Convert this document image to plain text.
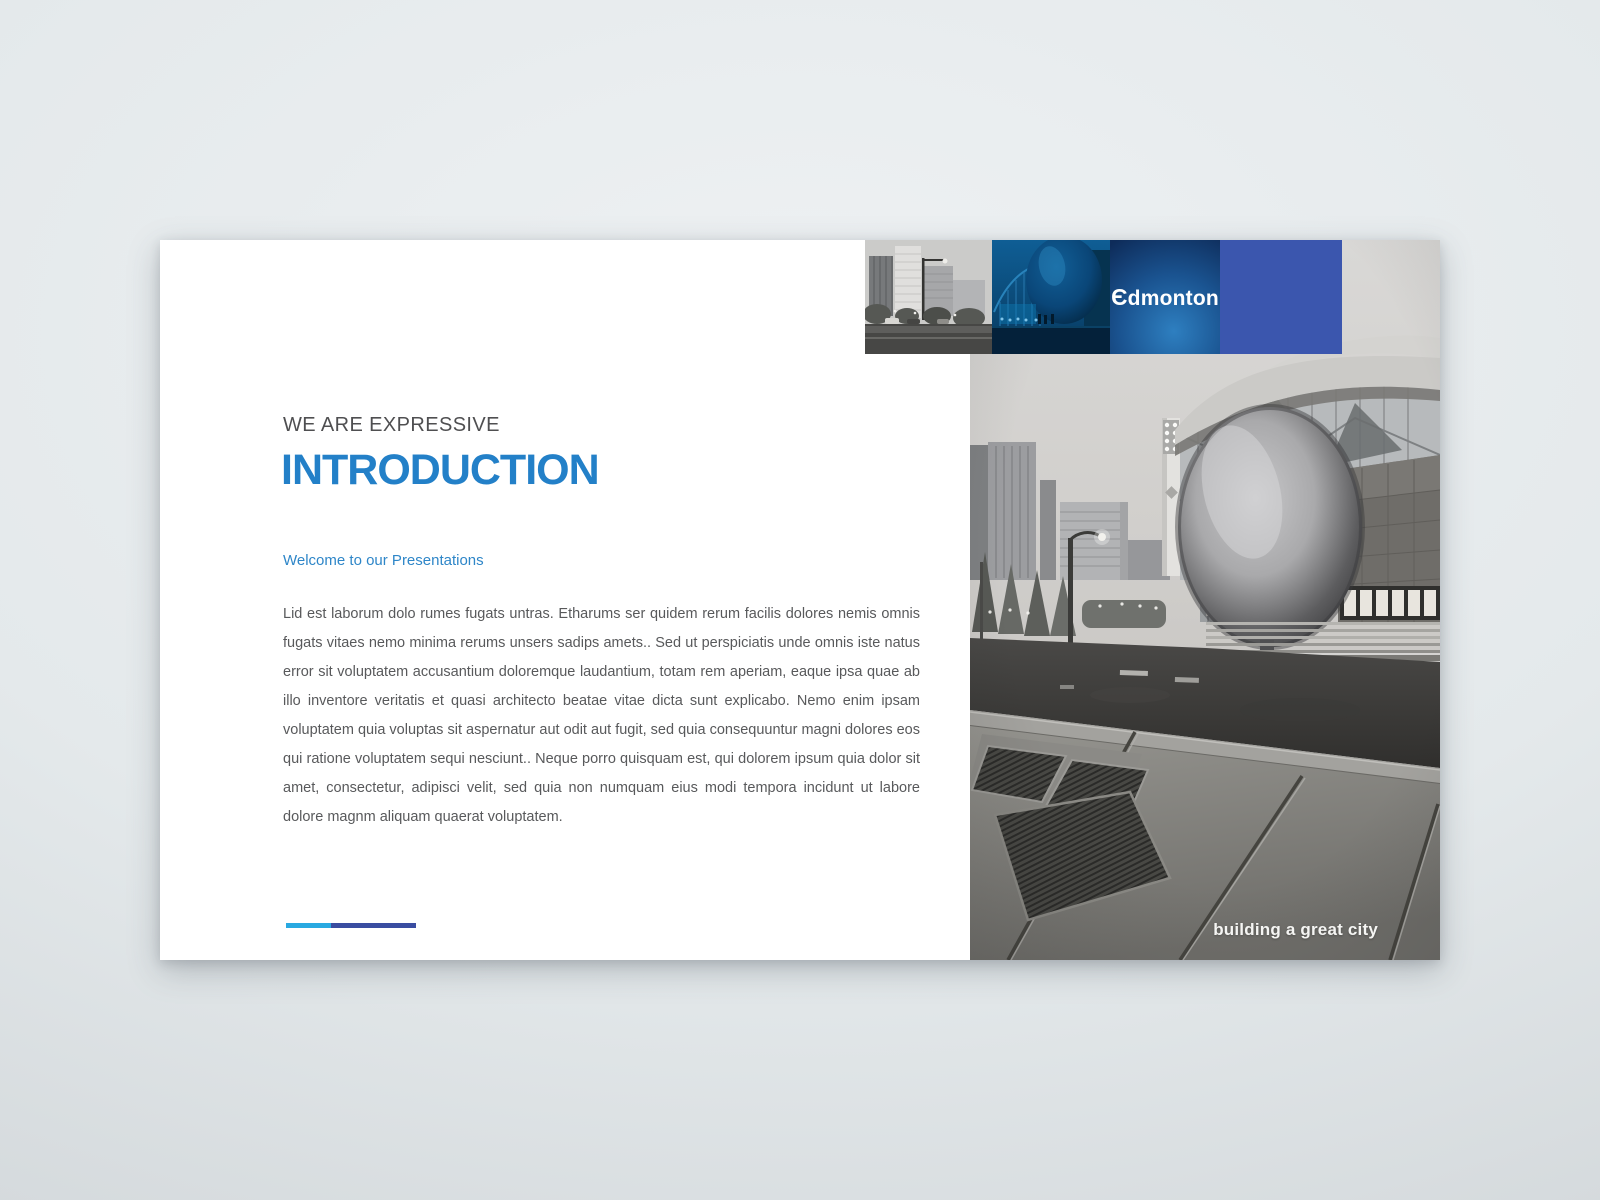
WE ARE EXPRESSIVE
INTRODUCTION
Welcome to our Presentations

Lid est laborum dolo rumes fugats untras. Etharums ser quidem rerum facilis dolores nemis omnis fugats vitaes nemo minima rerums unsers sadips amets.. Sed ut perspiciatis unde omnis iste natus error sit voluptatem accusantium doloremque laudantium, totam rem aperiam, eaque ipsa quae ab illo inventore veritatis et quasi architecto beatae vitae dicta sunt explicabo. Nemo enim ipsam voluptatem quia voluptas sit aspernatur aut odit aut fugit, sed quia consequuntur magni dolores eos qui ratione voluptatem sequi nesciunt.. Neque porro quisquam est, qui dolorem ipsum quia dolor sit amet, consectetur, adipisci velit, sed quia non numquam eius modi tempora incidunt ut labore dolore magnm aliquam quaerat voluptatem.

building a great city
Єdmonton
